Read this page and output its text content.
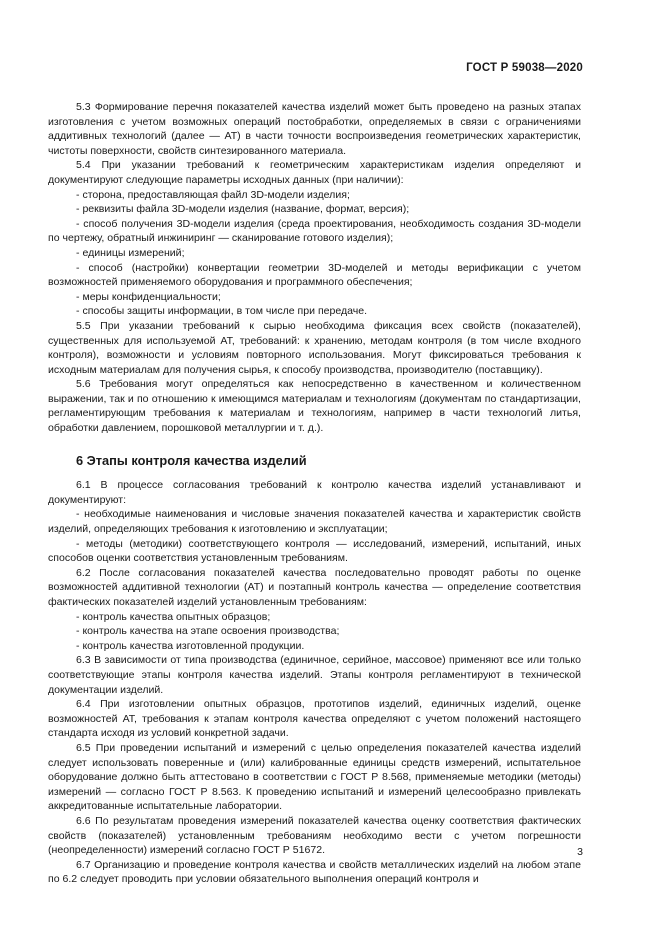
ГОСТ Р 59038—2020

5.3 Формирование перечня показателей качества изделий может быть проведено на разных этапах изготовления с учетом возможных операций постобработки, определяемых в связи с ограничениями аддитивных технологий (далее — АТ) в части точности воспроизведения геометрических характеристик, чистоты поверхности, свойств синтезированного материала.

5.4 При указании требований к геометрическим характеристикам изделия определяют и документируют следующие параметры исходных данных (при наличии):

- сторона, предоставляющая файл 3D-модели изделия;

- реквизиты файла 3D-модели изделия (название, формат, версия);

- способ получения 3D-модели изделия (среда проектирования, необходимость создания 3D-модели по чертежу, обратный инжиниринг — сканирование готового изделия);

- единицы измерений;

- способ (настройки) конвертации геометрии 3D-моделей и методы верификации с учетом возможностей применяемого оборудования и программного обеспечения;

- меры конфиденциальности;

- способы защиты информации, в том числе при передаче.

5.5 При указании требований к сырью необходима фиксация всех свойств (показателей), существенных для используемой АТ, требований: к хранению, методам контроля (в том числе входного контроля), возможности и условиям повторного использования. Могут фиксироваться требования к исходным материалам для получения сырья, к способу производства, производителю (поставщику).

5.6 Требования могут определяться как непосредственно в качественном и количественном выражении, так и по отношению к имеющимся материалам и технологиям (документам по стандартизации, регламентирующим требования к материалам и технологиям, например в части технологий литья, обработки давлением, порошковой металлургии и т. д.).

6 Этапы контроля качества изделий

6.1 В процессе согласования требований к контролю качества изделий устанавливают и документируют:

- необходимые наименования и числовые значения показателей качества и характеристик свойств изделий, определяющих требования к изготовлению и эксплуатации;

- методы (методики) соответствующего контроля — исследований, измерений, испытаний, иных способов оценки соответствия установленным требованиям.

6.2 После согласования показателей качества последовательно проводят работы по оценке возможностей аддитивной технологии (АТ) и поэтапный контроль качества — определение соответствия фактических показателей изделий установленным требованиям:

- контроль качества опытных образцов;

- контроль качества на этапе освоения производства;

- контроль качества изготовленной продукции.

6.3 В зависимости от типа производства (единичное, серийное, массовое) применяют все или только соответствующие этапы контроля качества изделий. Этапы контроля регламентируют в технической документации изделий.

6.4 При изготовлении опытных образцов, прототипов изделий, единичных изделий, оценке возможностей АТ, требования к этапам контроля качества определяют с учетом положений настоящего стандарта исходя из условий конкретной задачи.

6.5 При проведении испытаний и измерений с целью определения показателей качества изделий следует использовать поверенные и (или) калиброванные единицы средств измерений, испытательное оборудование должно быть аттестовано в соответствии с ГОСТ Р 8.568, применяемые методики (методы) измерений — согласно ГОСТ Р 8.563. К проведению испытаний и измерений целесообразно привлекать аккредитованные испытательные лаборатории.

6.6 По результатам проведения измерений показателей качества оценку соответствия фактических свойств (показателей) установленным требованиям необходимо вести с учетом погрешности (неопределенности) измерений согласно ГОСТ Р 51672.

6.7 Организацию и проведение контроля качества и свойств металлических изделий на любом этапе по 6.2 следует проводить при условии обязательного выполнения операций контроля и

3
